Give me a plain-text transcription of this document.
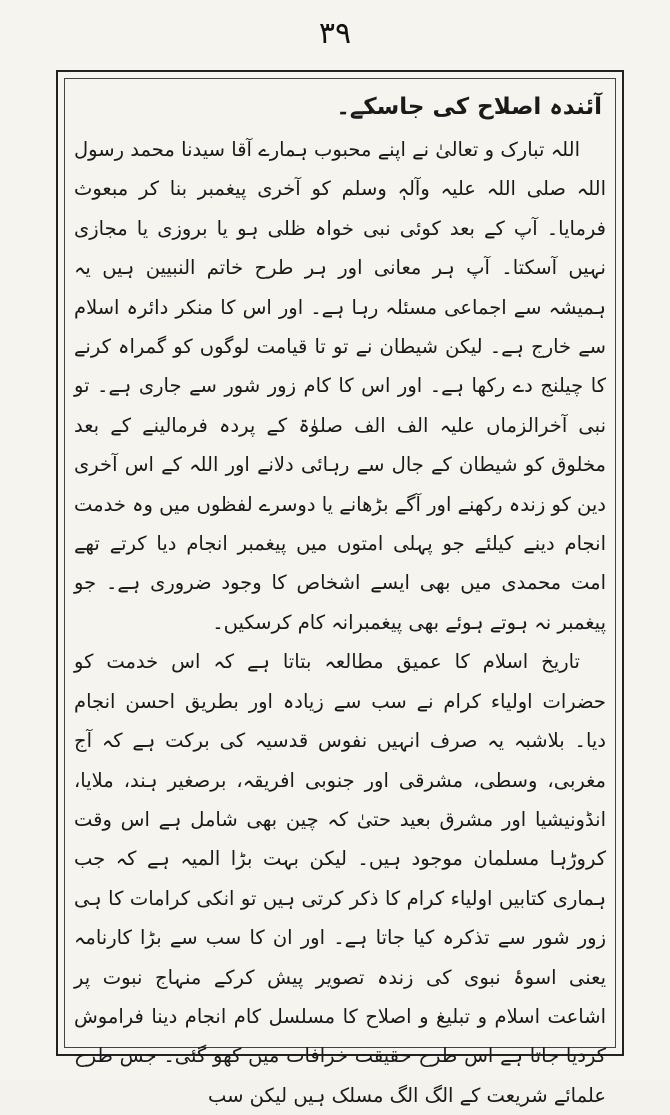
۳۹
آئندہ اصلاح کی جاسکے۔

اللہ تبارک و تعالیٰ نے اپنے محبوب ہمارے آقا سیدنا محمد رسول اللہ صلی اللہ علیہ وآلہٖ وسلم کو آخری پیغمبر بنا کر مبعوث فرمایا۔ آپ کے بعد کوئی نبی خواہ ظلی ہو یا بروزی یا مجازی نہیں آسکتا۔ آپ ہر معانی اور ہر طرح خاتم النبیین ہیں یہ ہمیشہ سے اجماعی مسئلہ رہا ہے۔ اور اس کا منکر دائرہ اسلام سے خارج ہے۔ لیکن شیطان نے تو تا قیامت لوگوں کو گمراہ کرنے کا چیلنج دے رکھا ہے۔ اور اس کا کام زور شور سے جاری ہے۔ تو نبی آخرالزماں علیہ الف الف صلوٰۃ کے پردہ فرمالینے کے بعد مخلوق کو شیطان کے جال سے رہائی دلانے اور اللہ کے اس آخری دین کو زندہ رکھنے اور آگے بڑھانے یا دوسرے لفظوں میں وہ خدمت انجام دینے کیلئے جو پہلی امتوں میں پیغمبر انجام دیا کرتے تھے امت محمدی میں بھی ایسے اشخاص کا وجود ضروری ہے۔ جو پیغمبر نہ ہوتے ہوئے بھی پیغمبرانہ کام کرسکیں۔

تاریخ اسلام کا عمیق مطالعہ بتاتا ہے کہ اس خدمت کو حضرات اولیاء کرام نے سب سے زیادہ اور بطریق احسن انجام دیا۔ بلاشبہ یہ صرف انہیں نفوس قدسیہ کی برکت ہے کہ آج مغربی، وسطی، مشرقی اور جنوبی افریقہ، برصغیر ہند، ملایا، انڈونیشیا اور مشرق بعید حتیٰ کہ چین بھی شامل ہے اس وقت کروڑہا مسلمان موجود ہیں۔ لیکن بہت بڑا المیہ ہے کہ جب ہماری کتابیں اولیاء کرام کا ذکر کرتی ہیں تو انکی کرامات کا ہی زور شور سے تذکرہ کیا جاتا ہے۔ اور ان کا سب سے بڑا کارنامہ یعنی اسوۂ نبوی کی زندہ تصویر پیش کرکے منہاج نبوت پر اشاعت اسلام و تبلیغ و اصلاح کا مسلسل کام انجام دینا فراموش کردیا جاتا ہے اس طرح حقیقت خرافات میں کھو گئی۔ جس طرح علمائے شریعت کے الگ الگ مسلک ہیں لیکن سب
